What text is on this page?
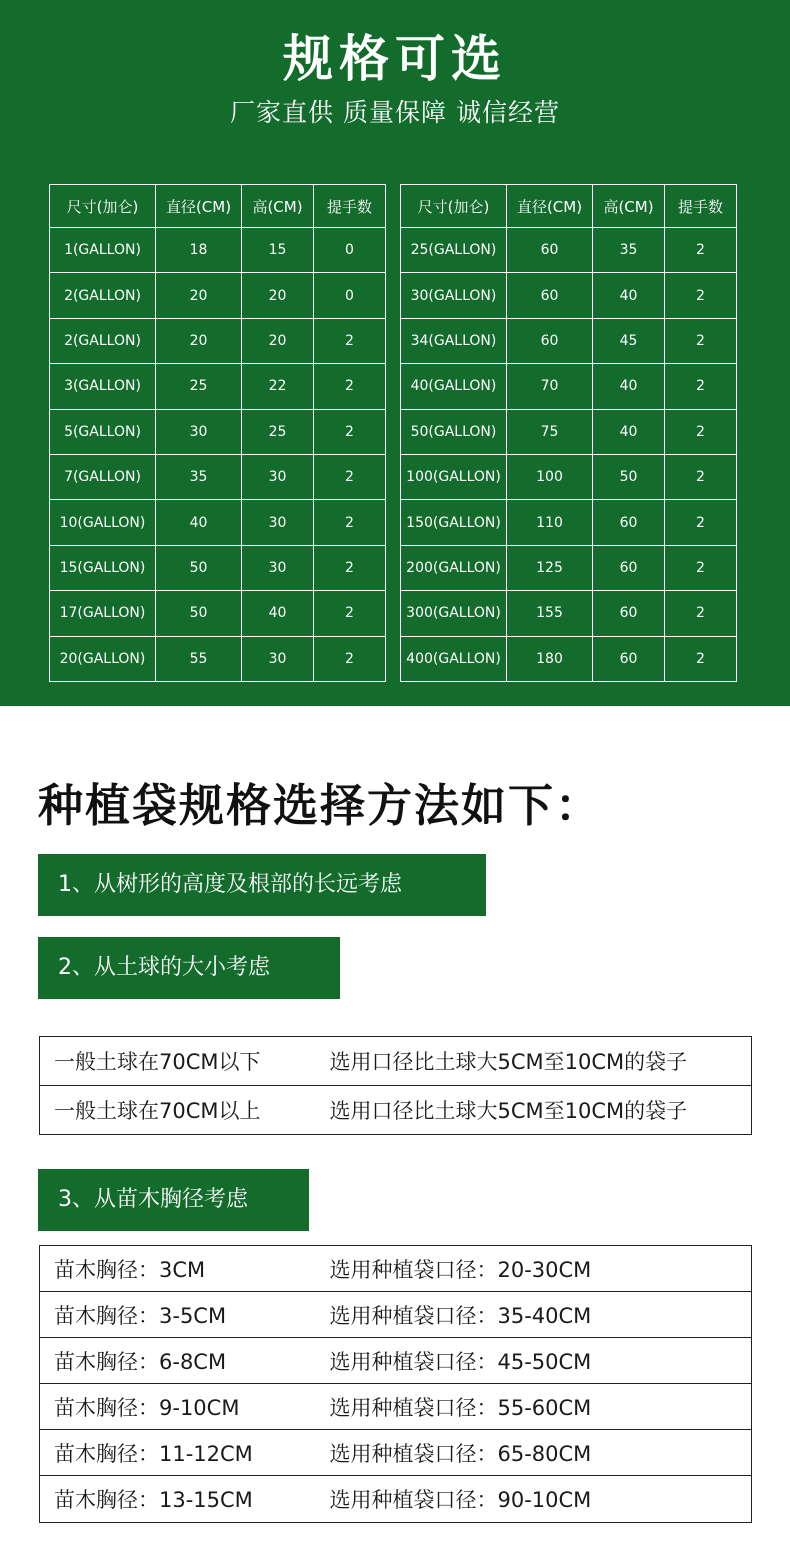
规格可选
厂家直供 质量保障 诚信经营
尺寸(加仑)	直径(CM)	高(CM)	提手数
1(GALLON)	18	15	0
2(GALLON)	20	20	0
2(GALLON)	20	20	2
3(GALLON)	25	22	2
5(GALLON)	30	25	2
7(GALLON)	35	30	2
10(GALLON)	40	30	2
15(GALLON)	50	30	2
17(GALLON)	50	40	2
20(GALLON)	55	30	2
尺寸(加仑)	直径(CM)	高(CM)	提手数
25(GALLON)	60	35	2
30(GALLON)	60	40	2
34(GALLON)	60	45	2
40(GALLON)	70	40	2
50(GALLON)	75	40	2
100(GALLON)	100	50	2
150(GALLON)	110	60	2
200(GALLON)	125	60	2
300(GALLON)	155	60	2
400(GALLON)	180	60	2
种植袋规格选择方法如下：
1、从树形的高度及根部的长远考虑
2、从土球的大小考虑
一般土球在70CM以下	选用口径比土球大5CM至10CM的袋子
一般土球在70CM以上	选用口径比土球大5CM至10CM的袋子
3、从苗木胸径考虑
苗木胸径：3CM	选用种植袋口径：20-30CM
苗木胸径：3-5CM	选用种植袋口径：35-40CM
苗木胸径：6-8CM	选用种植袋口径：45-50CM
苗木胸径：9-10CM	选用种植袋口径：55-60CM
苗木胸径：11-12CM	选用种植袋口径：65-80CM
苗木胸径：13-15CM	选用种植袋口径：90-10CM
